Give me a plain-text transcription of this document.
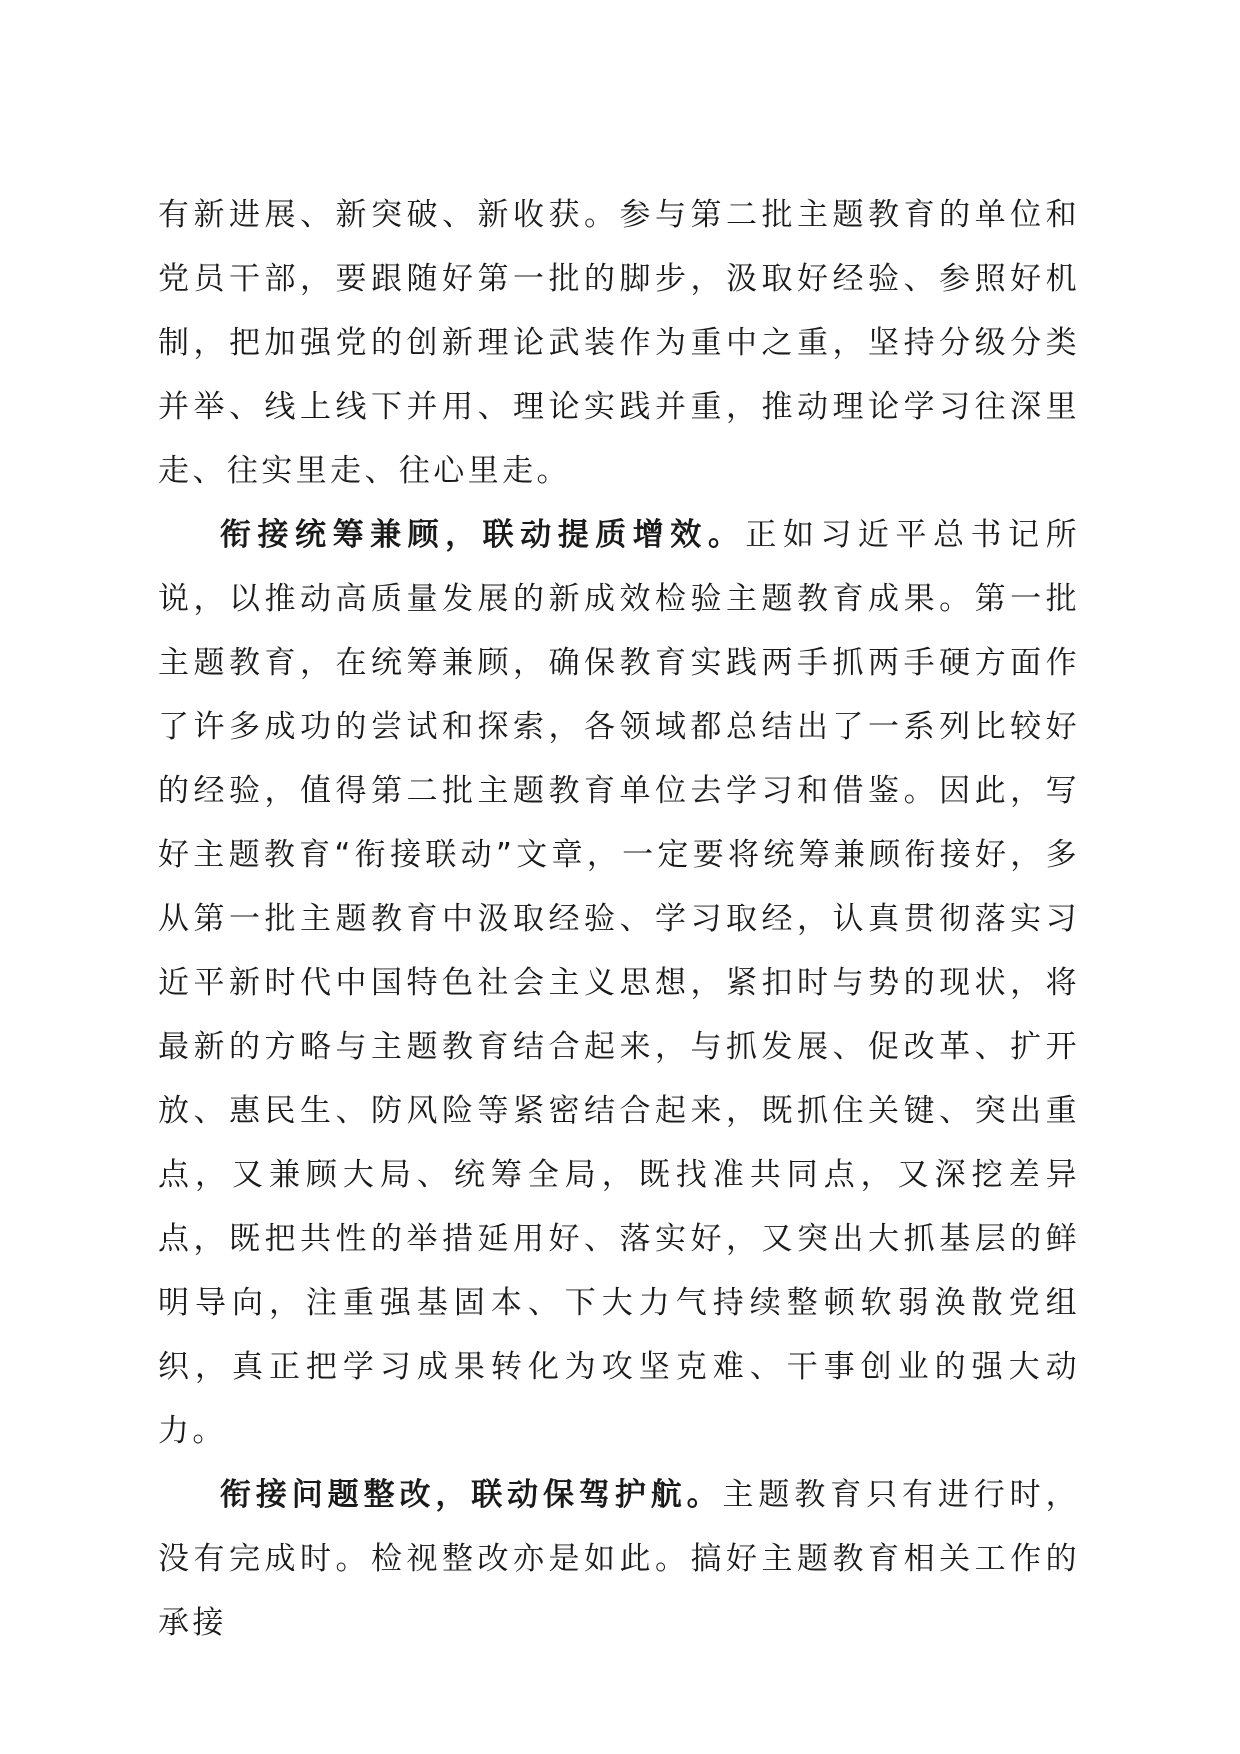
有新进展、新突破、新收获。参与第二批主题教育的单位和党员干部，要跟随好第一批的脚步，汲取好经验、参照好机制，把加强党的创新理论武装作为重中之重，坚持分级分类并举、线上线下并用、理论实践并重，推动理论学习往深里走、往实里走、往心里走。

衔接统筹兼顾，联动提质增效。正如习近平总书记所说，以推动高质量发展的新成效检验主题教育成果。第一批主题教育，在统筹兼顾，确保教育实践两手抓两手硬方面作了许多成功的尝试和探索，各领域都总结出了一系列比较好的经验，值得第二批主题教育单位去学习和借鉴。因此，写好主题教育“衔接联动”文章，一定要将统筹兼顾衔接好，多从第一批主题教育中汲取经验、学习取经，认真贯彻落实习近平新时代中国特色社会主义思想，紧扣时与势的现状，将最新的方略与主题教育结合起来，与抓发展、促改革、扩开放、惠民生、防风险等紧密结合起来，既抓住关键、突出重点，又兼顾大局、统筹全局，既找准共同点，又深挖差异点，既把共性的举措延用好、落实好，又突出大抓基层的鲜明导向，注重强基固本、下大力气持续整顿软弱涣散党组织，真正把学习成果转化为攻坚克难、干事创业的强大动力。

衔接问题整改，联动保驾护航。主题教育只有进行时，没有完成时。检视整改亦是如此。搞好主题教育相关工作的承接
